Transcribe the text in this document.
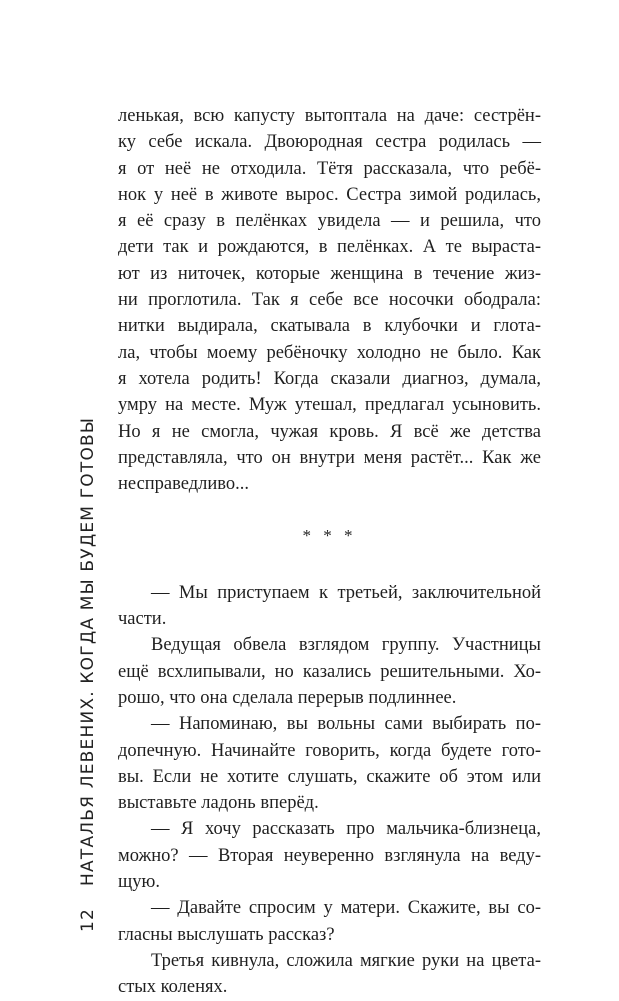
12НАТАЛЬЯ ЛЕВЕНИХ. КОГДА МЫ БУДЕМ ГОТОВЫ
ленькая, всю капусту вытоптала на даче: сестрён-
ку себе искала. Двоюродная сестра родилась —
я от неё не отходила. Тётя рассказала, что ребё-
нок у неё в животе вырос. Сестра зимой родилась,
я её сразу в пелёнках увидела — и решила, что
дети так и рождаются, в пелёнках. А те выраста-
ют из ниточек, которые женщина в течение жиз-
ни проглотила. Так я себе все носочки ободрала:
нитки выдирала, скатывала в клубочки и глота-
ла, чтобы моему ребёночку холодно не было. Как
я хотела родить! Когда сказали диагноз, думала,
умру на месте. Муж утешал, предлагал усыновить.
Но я не смогла, чужая кровь. Я всё же детства
представляла, что он внутри меня растёт... Как же
несправедливо...
* * *
— Мы приступаем к третьей, заключительной
части.
Ведущая обвела взглядом группу. Участницы
ещё всхлипывали, но казались решительными. Хо-
рошо, что она сделала перерыв подлиннее.
— Напоминаю, вы вольны сами выбирать по-
допечную. Начинайте говорить, когда будете гото-
вы. Если не хотите слушать, скажите об этом или
выставьте ладонь вперёд.
— Я хочу рассказать про мальчика-близнеца,
можно? — Вторая неуверенно взглянула на веду-
щую.
— Давайте спросим у матери. Скажите, вы со-
гласны выслушать рассказ?
Третья кивнула, сложила мягкие руки на цвета-
стых коленях.
